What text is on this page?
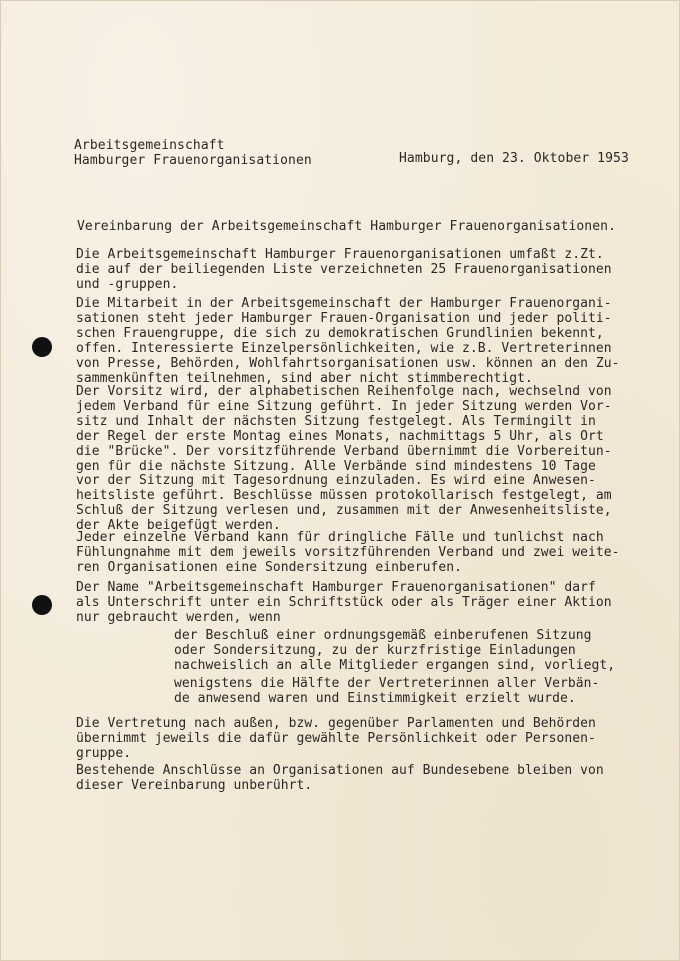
Arbeitsgemeinschaft
Hamburger Frauenorganisationen	Hamburg, den 23. Oktober 1953
Vereinbarung der Arbeitsgemeinschaft Hamburger Frauenorganisationen.
Die Arbeitsgemeinschaft Hamburger Frauenorganisationen umfaßt z.Zt.
die auf der beiliegenden Liste verzeichneten 25 Frauenorganisationen
und -gruppen.
Die Mitarbeit in der Arbeitsgemeinschaft der Hamburger Frauenorgani-
sationen steht jeder Hamburger Frauen-Organisation und jeder politi-
schen Frauengruppe, die sich zu demokratischen Grundlinien bekennt,
offen. Interessierte Einzelpersönlichkeiten, wie z.B. Vertreterinnen
von Presse, Behörden, Wohlfahrtsorganisationen usw. können an den Zu-
sammenkünften teilnehmen, sind aber nicht stimmberechtigt.
Der Vorsitz wird, der alphabetischen Reihenfolge nach, wechselnd von
jedem Verband für eine Sitzung geführt. In jeder Sitzung werden Vor-
sitz und Inhalt der nächsten Sitzung festgelegt. Als Termingilt in
der Regel der erste Montag eines Monats, nachmittags 5 Uhr, als Ort
die "Brücke". Der vorsitzführende Verband übernimmt die Vorbereitun-
gen für die nächste Sitzung. Alle Verbände sind mindestens 10 Tage
vor der Sitzung mit Tagesordnung einzuladen. Es wird eine Anwesen-
heitsliste geführt. Beschlüsse müssen protokollarisch festgelegt, am
Schluß der Sitzung verlesen und, zusammen mit der Anwesenheitsliste,
der Akte beigefügt werden.
Jeder einzelne Verband kann für dringliche Fälle und tunlichst nach
Fühlungnahme mit dem jeweils vorsitzführenden Verband und zwei weite-
ren Organisationen eine Sondersitzung einberufen.
Der Name "Arbeitsgemeinschaft Hamburger Frauenorganisationen" darf
als Unterschrift unter ein Schriftstück oder als Träger einer Aktion
nur gebraucht werden, wenn
der Beschluß einer ordnungsgemäß einberufenen Sitzung
oder Sondersitzung, zu der kurzfristige Einladungen
nachweislich an alle Mitglieder ergangen sind, vorliegt,
wenigstens die Hälfte der Vertreterinnen aller Verbän-
de anwesend waren und Einstimmigkeit erzielt wurde.
Die Vertretung nach außen, bzw. gegenüber Parlamenten und Behörden
übernimmt jeweils die dafür gewählte Persönlichkeit oder Personen-
gruppe.
Bestehende Anschlüsse an Organisationen auf Bundesebene bleiben von
dieser Vereinbarung unberührt.
